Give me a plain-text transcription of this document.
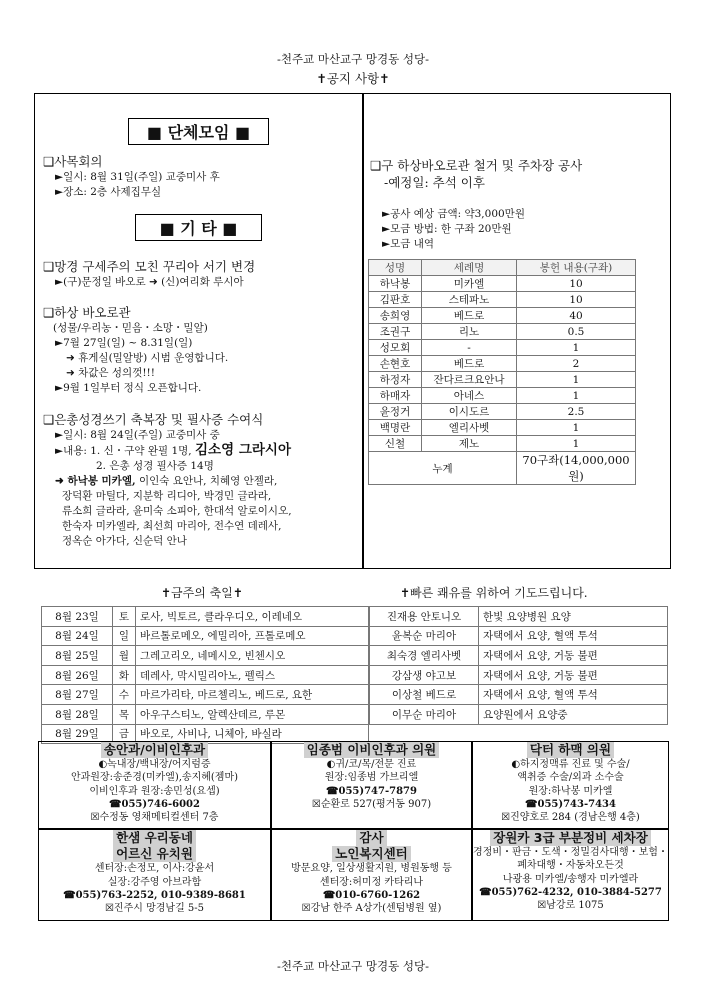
-천주교 마산교구 망경동 성당-
✝공지 사항✝
■ 단체모임 ■
❑사목회의
►일시: 8월 31일(주일) 교중미사 후
►장소: 2층 사제집무실
■ 기 타 ■
❑망경 구세주의 모친 꾸리아 서기 변경
►(구)문정일 바오로 ➜ (신)여리화 루시아
❑하상 바오로관
(성물/우리농・믿음・소망・밀알)
►7월 27일(일) ~ 8.31일(일)
➜ 휴게실(밀알방) 시범 운영합니다.
➜ 차값은 성의껏!!!
►9월 1일부터 정식 오픈합니다.
❑은총성경쓰기 축복장 및 필사증 수여식
►일시: 8월 24일(주일) 교중미사 중
►내용: 1. 신・구약 완필 1명, 김소영 그라시아
2. 은총 성경 필사증 14명
➜ 하낙봉 미카엘, 이인숙 요안나, 치혜영 안젤라,
장덕환 마틸다, 지분학 리디아, 박경민 글라라,
류소희 글라라, 윤미숙 소피아, 한대석 알로이시오,
한숙자 미카엘라, 최선희 마리아, 전수연 데레사,
정옥순 아가다, 신순덕 안나
❑구 하상바오로관 철거 및 주차장 공사
-예정일: 추석 이후
►공사 예상 금액: 약3,000만원
►모금 방법: 한 구좌 20만원
►모금 내역
성명	세례명	봉헌 내용(구좌)
하낙봉	미카엘	10
김판호	스테파노	10
송희영	베드로	40
조권구	리노	0.5
성모회	-	1
손현호	베드로	2
하정자	잔다르크요안나	1
하매자	아네스	1
윤정거	이시도르	2.5
백명란	엘리사벳	1
신철	제노	1
누계		70구좌(14,000,000원)
✝금주의 축일✝	✝빠른 쾌유를 위하여 기도드립니다.
8월 23일	토	로사, 빅토르, 클라우디오, 이레네오
8월 24일	일	바르톨로메오, 에밀리아, 프톨로메오
8월 25일	월	그레고리오, 네메시오, 빈첸시오
8월 26일	화	데레사, 막시밀리아노, 펠릭스
8월 27일	수	마르가리타, 마르첼리노, 베드로, 요한
8월 28일	목	아우구스티노, 알렉산데르, 루몬
8월 29일	금	바오로, 사비나, 니체아, 바실라
진재용 안토니오	한빛 요양병원 요양
윤복순 마리아	자택에서 요양, 혈액 투석
최숙경 엘리사벳	자택에서 요양, 거동 불편
강삼생 야고보	자택에서 요양, 거동 불편
이상철 베드로	자택에서 요양, 혈액 투석
이무순 마리아	요양원에서 요양중
송안과/이비인후과

◐녹내장/백내장/어지럼증
안과원장:송준경(미카엘),송지혜(젬마)
이비인후과 원장:송민성(요셉)
☎055)746-6002
☒수정동 영채메티컬센터 7층
임종범 이비인후과 의원

◐귀/코/목/전문 진료
원장:임종범 가브리엘
☎055)747-7879
☒순환로 527(평거동 907)
닥터 하맥 의원

◐하지정맥류 진료 및 수술/
액취증 수술/외과 소수술
원장:하낙봉 미카엘
☎055)743-7434
☒진양호로 284 (경남은행 4층)
한샘 우리동네
어르신 유치원

센터장:손정모, 이사:강윤서
실장:강주영 아브라함
☎055)763-2252, 010-9389-8681
☒진주시 망경남길 5-5
감사
노인복지센터

방문요양, 일상생활지원, 병원동행 등
센터장:허미정 카타리나
☎010-6760-1262
☒강남 한주 A상가(센텀병원 옆)
장원카 3급 부분정비 세차장

경정비・판금・도색・정밀검사대행・보험・
폐차대행・자동차오든것
나광용 미카엘/송행자 미카엘라
☎055)762-4232, 010-3884-5277
☒남강로 1075
-천주교 마산교구 망경동 성당-
